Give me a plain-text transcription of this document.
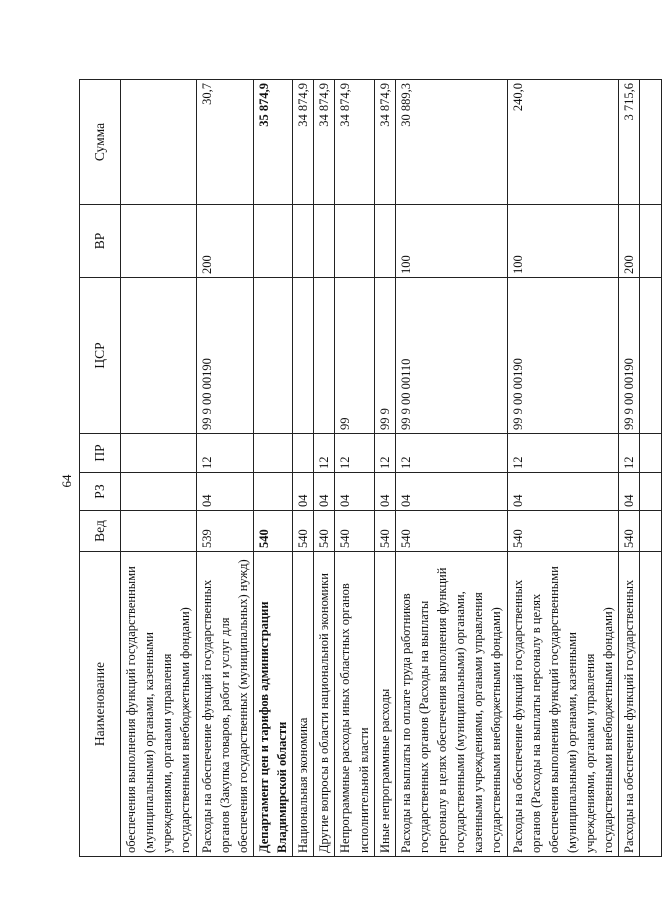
64
Наименование	Вед	РЗ	ПР	ЦСР	ВР	Сумма
обеспечения выполнения функций государственными (муниципальными) органами, казенными учреждениями, органами управления государственными внебюджетными фондами)						
Расходы на обеспечение функций государственных органов (Закупка товаров, работ и услуг для обеспечения государственных (муниципальных) нужд)	539	04	12	99 9 00 00190	200	30,7
Департамент цен и тарифов администрации Владимирской области	540					35 874,9
Национальная экономика	540	04				34 874,9
Другие вопросы в области национальной экономики	540	04	12			34 874,9
Непрограммные расходы иных областных органов исполнительной власти	540	04	12	99		34 874,9
Иные непрограммные расходы	540	04	12	99 9		34 874,9
Расходы на выплаты по оплате труда работников государственных органов (Расходы на выплаты персоналу в целях обеспечения выполнения функций государственными (муниципальными) органами, казенными учреждениями, органами управления государственными внебюджетными фондами)	540	04	12	99 9 00 00110	100	30 889,3
Расходы на обеспечение функций государственных органов (Расходы на выплаты персоналу в целях обеспечения выполнения функций государственными (муниципальными) органами, казенными учреждениями, органами управления государственными внебюджетными фондами)	540	04	12	99 9 00 00190	100	240,0
Расходы на обеспечение функций государственных	540	04	12	99 9 00 00190	200	3 715,6
